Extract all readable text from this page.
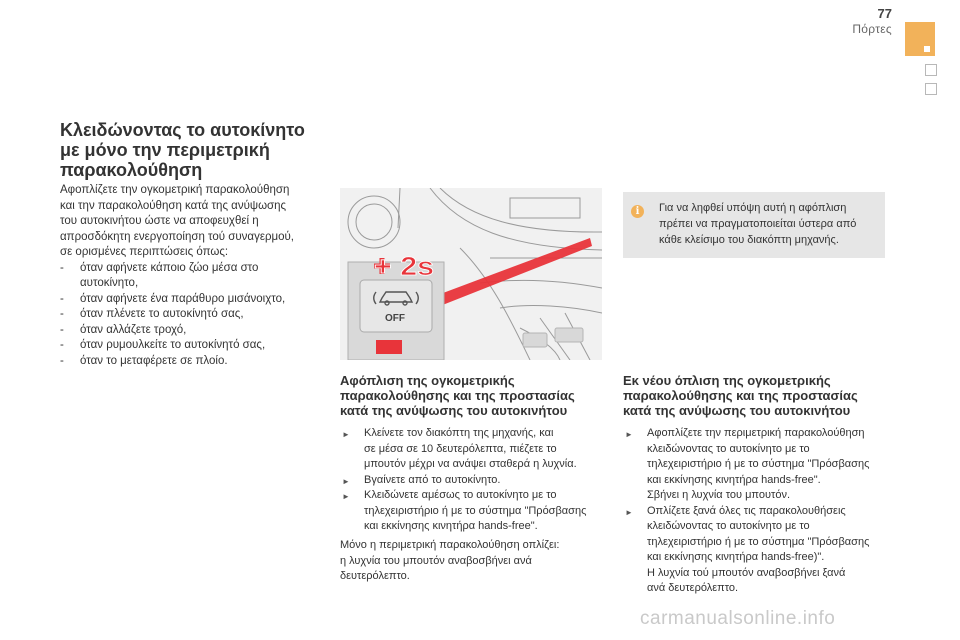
77
Πόρτες
Κλειδώνοντας το αυτοκίνητο
με μόνο την περιμετρική
παρακολούθηση

Αφοπλίζετε την ογκομετρική παρακολούθηση
και την παρακολούθηση κατά της ανύψωσης
του αυτοκινήτου ώστε να αποφευχθεί η
απροσδόκητη ενεργοποίηση τού συναγερμού,
σε ορισμένες περιπτώσεις όπως:

- όταν αφήνετε κάποιο ζώο μέσα στο
αυτοκίνητο,
- όταν αφήνετε ένα παράθυρο μισάνοιχτο,
- όταν πλένετε το αυτοκίνητό σας,
- όταν αλλάζετε τροχό,
- όταν ρυμουλκείτε το αυτοκίνητό σας,
- όταν το μεταφέρετε σε πλοίο.
+ 2s
OFF
i	Για να ληφθεί υπόψη αυτή η αφόπλιση
πρέπει να πραγματοποιείται ύστερα από
κάθε κλείσιμο του διακόπτη μηχανής.
Αφόπλιση της ογκομετρικής
παρακολούθησης και της προστασίας
κατά της ανύψωσης του αυτοκινήτου
► Κλείνετε τον διακόπτη της μηχανής, και
σε μέσα σε 10 δευτερόλεπτα, πιέζετε το
μπουτόν μέχρι να ανάψει σταθερά η λυχνία.
► Βγαίνετε από το αυτοκίνητο.
► Κλειδώνετε αμέσως το αυτοκίνητο με το
τηλεχειριστήριο ή με το σύστημα "Πρόσβασης
και εκκίνησης κινητήρα hands-free".

Μόνο η περιμετρική παρακολούθηση οπλίζει:
η λυχνία του μπουτόν αναβοσβήνει ανά
δευτερόλεπτο.

Εκ νέου όπλιση της ογκομετρικής
παρακολούθησης και της προστασίας
κατά της ανύψωσης του αυτοκινήτου
► Αφοπλίζετε την περιμετρική παρακολούθηση
κλειδώνοντας το αυτοκίνητο με το
τηλεχειριστήριο ή με το σύστημα "Πρόσβασης
και εκκίνησης κινητήρα hands-free".
Σβήνει η λυχνία του μπουτόν.
► Οπλίζετε ξανά όλες τις παρακολουθήσεις
κλειδώνοντας το αυτοκίνητο με το
τηλεχειριστήριο ή με το σύστημα "Πρόσβασης
και εκκίνησης κινητήρα hands-free)".
Η λυχνία τού μπουτόν αναβοσβήνει ξανά
ανά δευτερόλεπτο.
carmanualsonline.info
